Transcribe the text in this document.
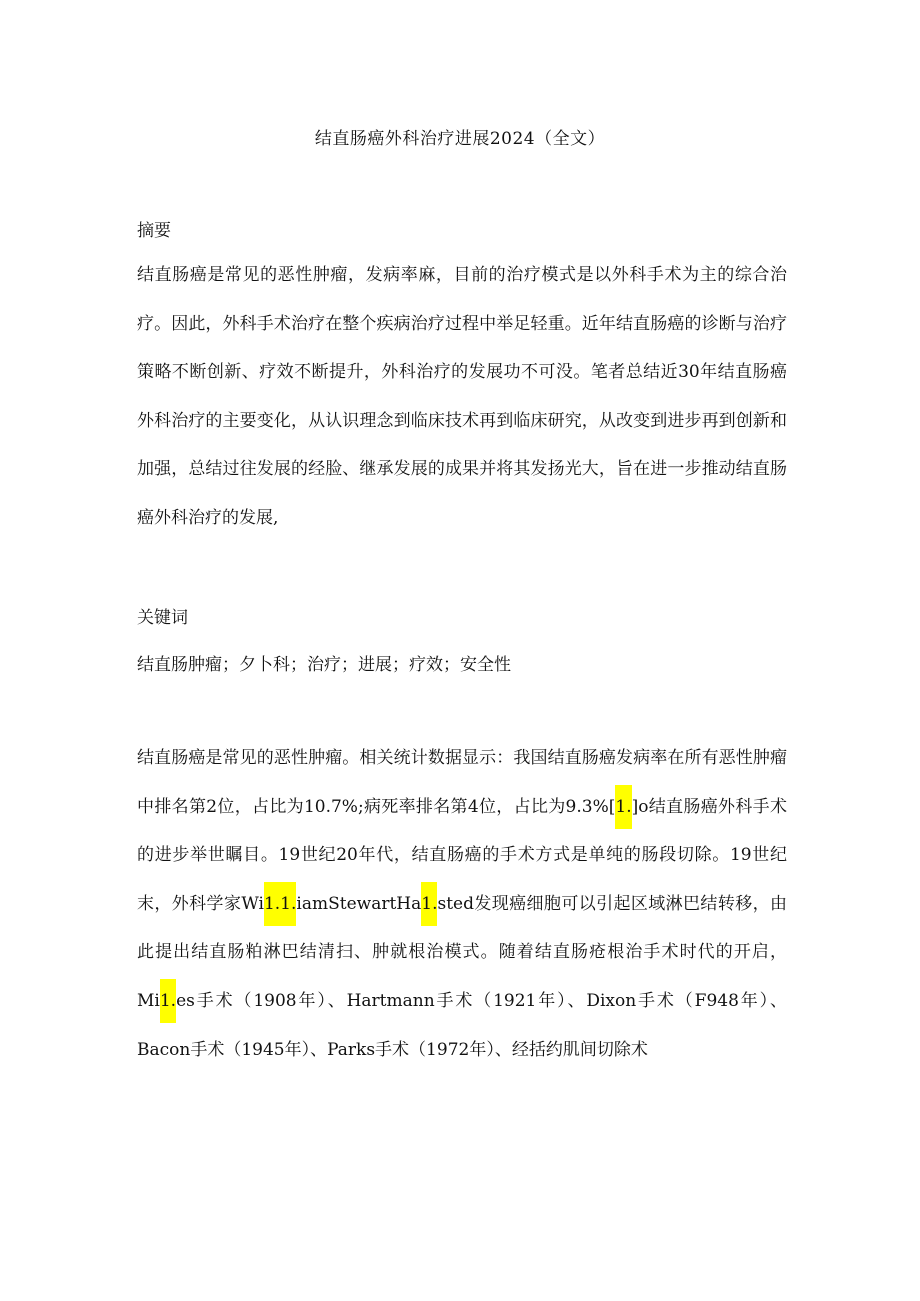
结直肠癌外科治疗进展2024（全文）
摘要

结直肠癌是常见的恶性肿瘤，发病率麻，目前的治疗模式是以外科手术为主的综合治疗。因此，外科手术治疗在整个疾病治疗过程中举足轻重。近年结直肠癌的诊断与治疗策略不断创新、疗效不断提升，外科治疗的发展功不可没。笔者总结近30年结直肠癌外科治疗的主要变化，从认识理念到临床技术再到临床研究，从改变到进步再到创新和加强，总结过往发展的经脸、继承发展的成果并将其发扬光大，旨在进一步推动结直肠癌外科治疗的发展,

关键词
结直肠肿瘤；夕卜科；治疗；进展；疗效；安全性

结直肠癌是常见的恶性肿瘤。相关统计数据显示：我国结直肠癌发病率在所有恶性肿瘤中排名第2位，占比为10.7%;病死率排名第4位，占比为9.3%[1.]o结直肠癌外科手术的进步举世瞩目。19世纪20年代，结直肠癌的手术方式是单纯的肠段切除。19世纪末，外科学家Wi1.1.iamStewartHa1.sted发现癌细胞可以引起区域淋巴结转移，由此提出结直肠粕淋巴结清扫、肿就根治模式。随着结直肠疮根治手术时代的开启，Mi1.es手术（1908年）、Hartmann手术（1921年）、Dixon手术（F948年）、Bacon手术（1945年）、Parks手术（1972年）、经括约肌间切除术
